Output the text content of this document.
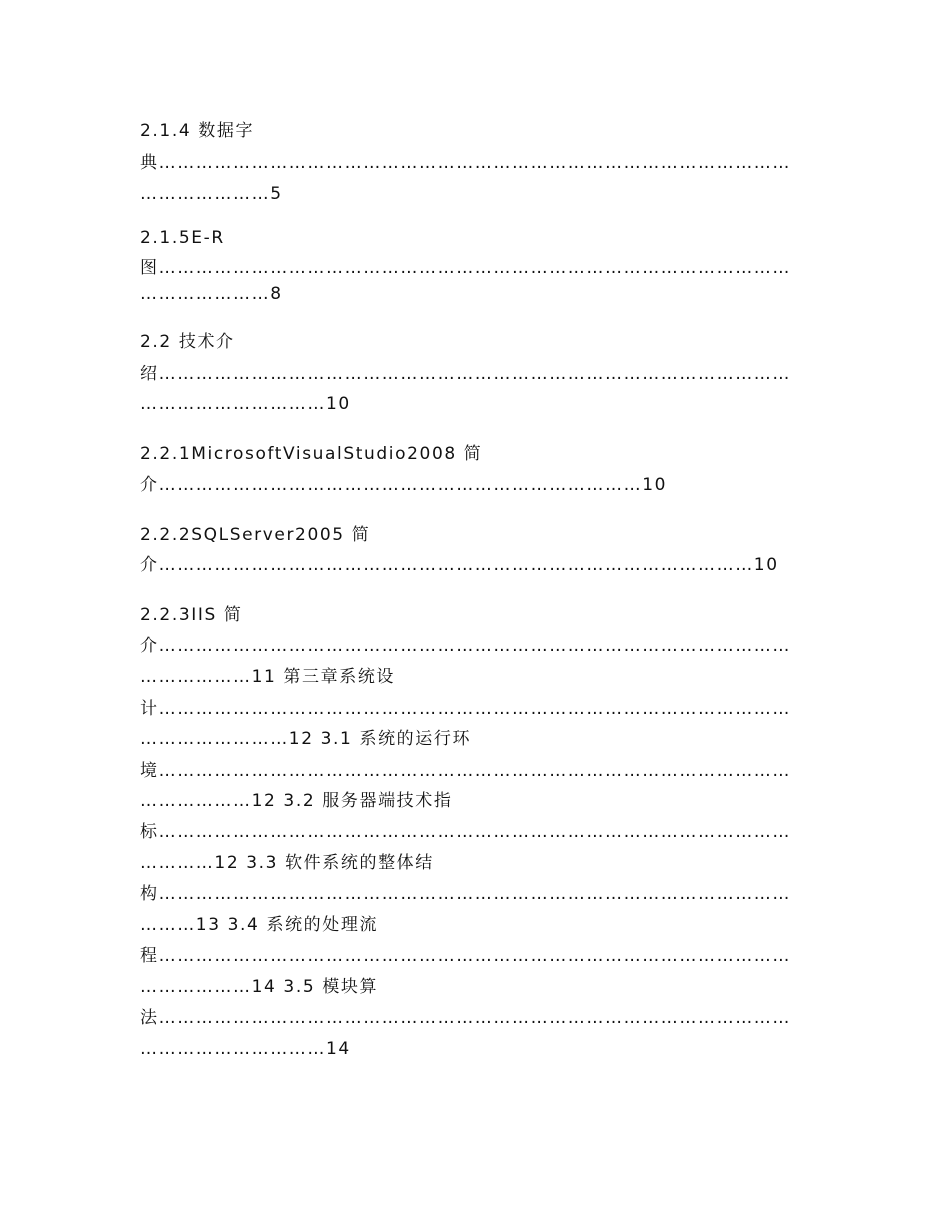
2.1.4 数据字
典…………………………………………………………………………………………
…………………5
2.1.5E-R
图…………………………………………………………………………………………
…………………8
2.2 技术介
绍…………………………………………………………………………………………
…………………………10
2.2.1MicrosoftVisualStudio2008 简
介……………………………………………………………………10
2.2.2SQLServer2005 简
介……………………………………………………………………………………10
2.2.3IIS 简
介…………………………………………………………………………………………
………………11 第三章系统设
计…………………………………………………………………………………………
……………………12 3.1 系统的运行环
境…………………………………………………………………………………………
………………12 3.2 服务器端技术指
标…………………………………………………………………………………………
…………12 3.3 软件系统的整体结
构…………………………………………………………………………………………
………13 3.4 系统的处理流
程…………………………………………………………………………………………
………………14 3.5 模块算
法…………………………………………………………………………………………
…………………………14
